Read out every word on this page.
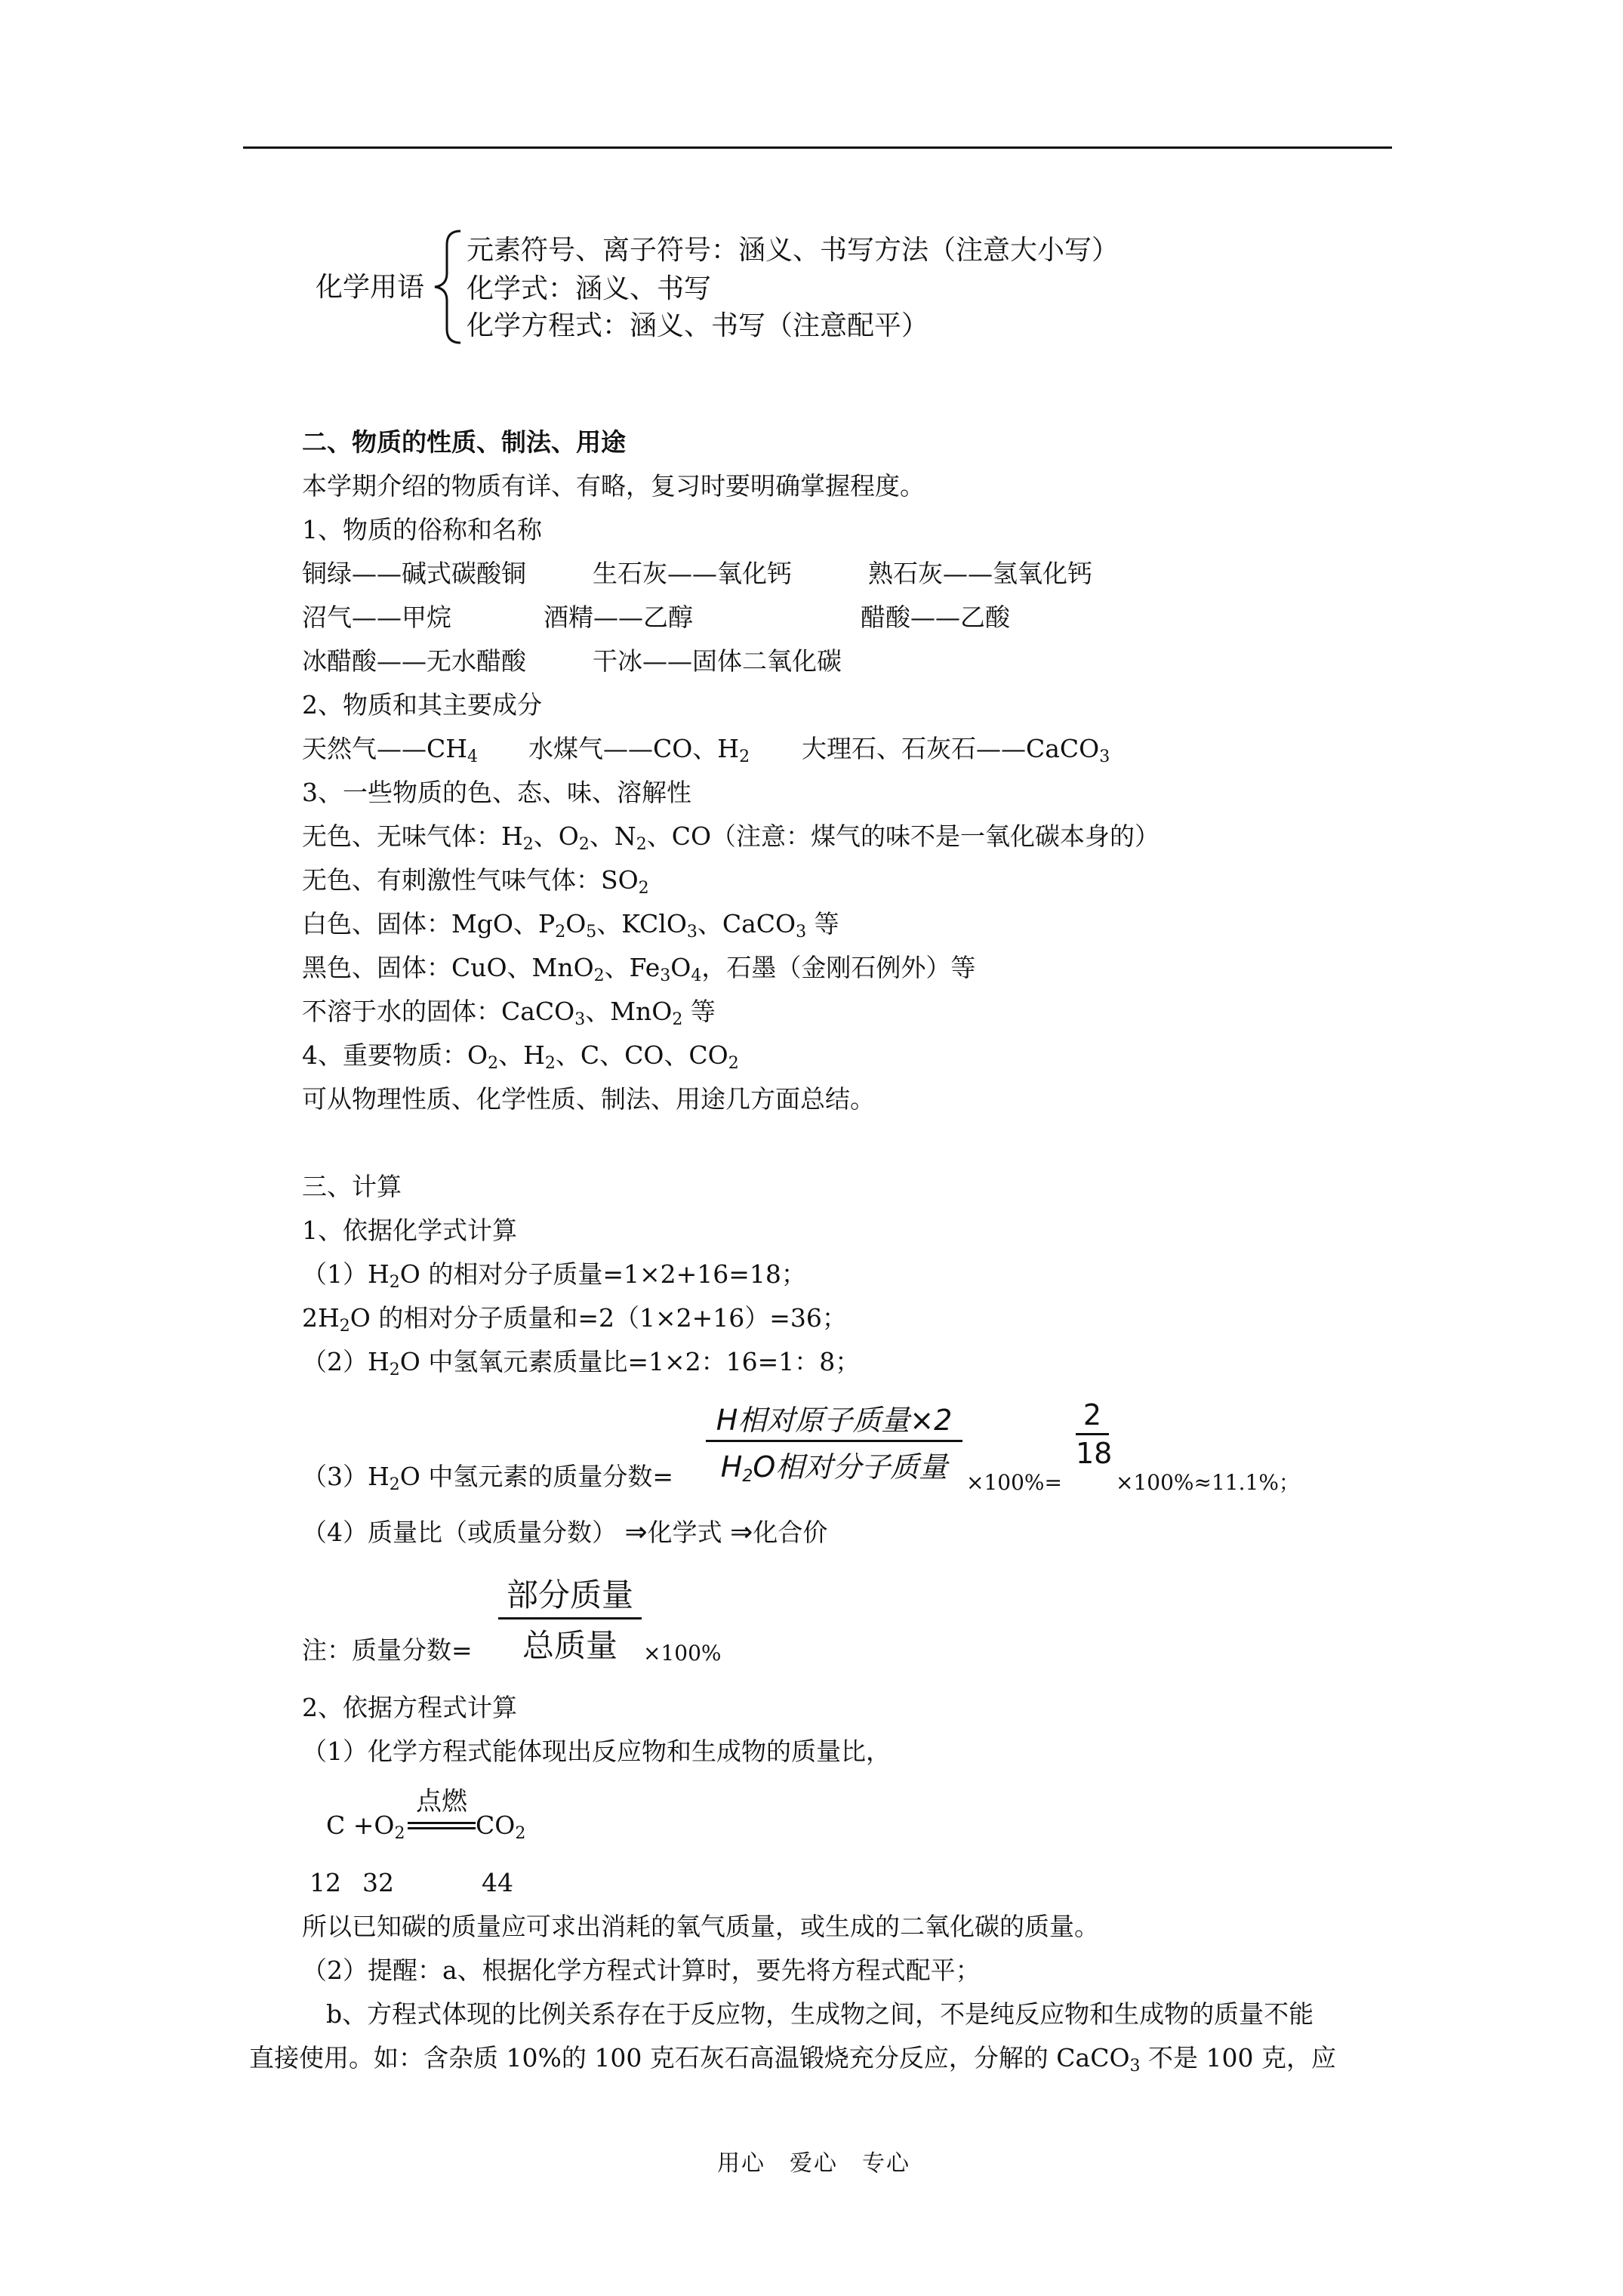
化学用语
元素符号、离子符号：涵义、书写方法（注意大小写）
化学式：涵义、书写
化学方程式：涵义、书写（注意配平）
二、物质的性质、制法、用途
本学期介绍的物质有详、有略，复习时要明确掌握程度。
1、物质的俗称和名称
铜绿——碱式碳酸铜	生石灰——氧化钙	熟石灰——氢氧化钙
沼气——甲烷	酒精——乙醇	醋酸——乙酸
冰醋酸——无水醋酸	干冰——固体二氧化碳
2、物质和其主要成分
天然气$——CH_4$ 水煤气——CO、$H_2$ 大理石、石灰石——CaCO$_3$
3、一些物质的色、态、味、溶解性
无色、无味气体：$H_2$、$O_2$、$N_2$、CO（注意：煤气的味不是一氧化碳本身的）
无色、有刺激性气味气体：$SO_2$
白色、固体：MgO、$P_2O_5$、KClO$_3$、CaCO$_3$ 等
黑色、固体：CuO、MnO$_2$、$Fe_3O_4$，石墨（金刚石例外）等
不溶于水的固体：CaCO$_3$、MnO$_2$ 等
4、重要物质：$O_2$、$H_2$、C、CO、$CO_2$
可从物理性质、化学性质、制法、用途几方面总结。
三、计算
1、依据化学式计算
$(1)H_2O$ 的相对分子质量=1×2+16=18；
$2H_2O$ 的相对分子质量和=2（1×2+16）=36；
$(2)H_2O$ 中氢氧元素质量比=1×2：16=1：8；
$(3)H_2O$ 中氢元素的质量分数=
H相对原子质量×2
$H_2O$相对分子质量 ×100%=
2
18
×100%≈11.1%；
（4）质量比（或质量分数） ⇒化学式 ⇒化合价
注：质量分数=
部分质量
总质量	×100%
2、依据方程式计算
（1）化学方程式能体现出反应物和生成物的质量比，
$C +O_2$
点燃
$CO_2$
12 32	44
所以已知碳的质量应可求出消耗的氧气质量，或生成的二氧化碳的质量。
（2）提醒：a、根据化学方程式计算时，要先将方程式配平；
b、方程式体现的比例关系存在于反应物，生成物之间，不是纯反应物和生成物的质量不能
直接使用。如：含杂质 10%的 100 克石灰石高温锻烧充分反应，分解的 CaCO$_3$ 不是 100 克，应
用心　爱心　专心
